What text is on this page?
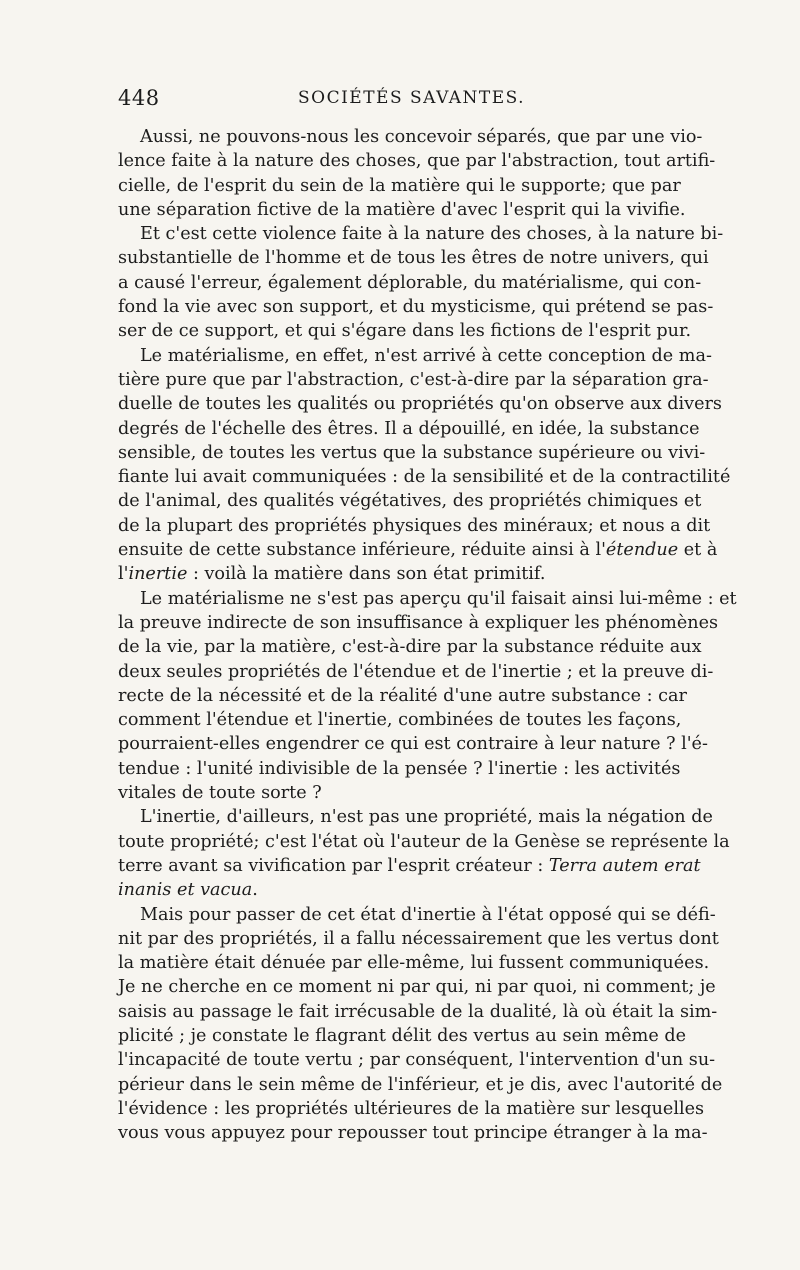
448	SOCIÉTÉS SAVANTES.

Aussi, ne pouvons-nous les concevoir séparés, que par une vio-
lence faite à la nature des choses, que par l'abstraction, tout artifi-
cielle, de l'esprit du sein de la matière qui le supporte; que par
une séparation fictive de la matière d'avec l'esprit qui la vivifie.

Et c'est cette violence faite à la nature des choses, à la nature bi-
substantielle de l'homme et de tous les êtres de notre univers, qui
a causé l'erreur, également déplorable, du matérialisme, qui con-
fond la vie avec son support, et du mysticisme, qui prétend se pas-
ser de ce support, et qui s'égare dans les fictions de l'esprit pur.

Le matérialisme, en effet, n'est arrivé à cette conception de ma-
tière pure que par l'abstraction, c'est-à-dire par la séparation gra-
duelle de toutes les qualités ou propriétés qu'on observe aux divers
degrés de l'échelle des êtres. Il a dépouillé, en idée, la substance
sensible, de toutes les vertus que la substance supérieure ou vivi-
fiante lui avait communiquées : de la sensibilité et de la contractilité
de l'animal, des qualités végétatives, des propriétés chimiques et
de la plupart des propriétés physiques des minéraux; et nous a dit
ensuite de cette substance inférieure, réduite ainsi à l'étendue et à
l'inertie : voilà la matière dans son état primitif.

Le matérialisme ne s'est pas aperçu qu'il faisait ainsi lui-même : et
la preuve indirecte de son insuffisance à expliquer les phénomènes
de la vie, par la matière, c'est-à-dire par la substance réduite aux
deux seules propriétés de l'étendue et de l'inertie ; et la preuve di-
recte de la nécessité et de la réalité d'une autre substance : car
comment l'étendue et l'inertie, combinées de toutes les façons,
pourraient-elles engendrer ce qui est contraire à leur nature ? l'é-
tendue : l'unité indivisible de la pensée ? l'inertie : les activités
vitales de toute sorte ?

L'inertie, d'ailleurs, n'est pas une propriété, mais la négation de
toute propriété; c'est l'état où l'auteur de la Genèse se représente la
terre avant sa vivification par l'esprit créateur : Terra autem erat
inanis et vacua.

Mais pour passer de cet état d'inertie à l'état opposé qui se défi-
nit par des propriétés, il a fallu nécessairement que les vertus dont
la matière était dénuée par elle-même, lui fussent communiquées.
Je ne cherche en ce moment ni par qui, ni par quoi, ni comment; je
saisis au passage le fait irrécusable de la dualité, là où était la sim-
plicité ; je constate le flagrant délit des vertus au sein même de
l'incapacité de toute vertu ; par conséquent, l'intervention d'un su-
périeur dans le sein même de l'inférieur, et je dis, avec l'autorité de
l'évidence : les propriétés ultérieures de la matière sur lesquelles
vous vous appuyez pour repousser tout principe étranger à la ma-
